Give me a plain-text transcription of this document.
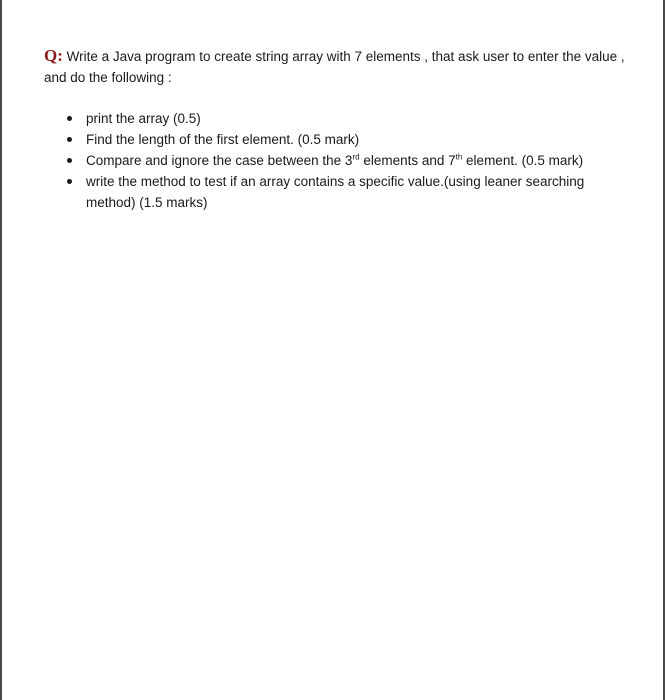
Q: Write a Java program to create string array with 7 elements , that ask user to enter the value , and do the following :

print the array (0.5)
Find the length of the first element. (0.5 mark)
Compare and ignore the case between the 3rd elements and 7th element. (0.5 mark)
write the method to test if an array contains a specific value.(using leaner searching method) (1.5 marks)
